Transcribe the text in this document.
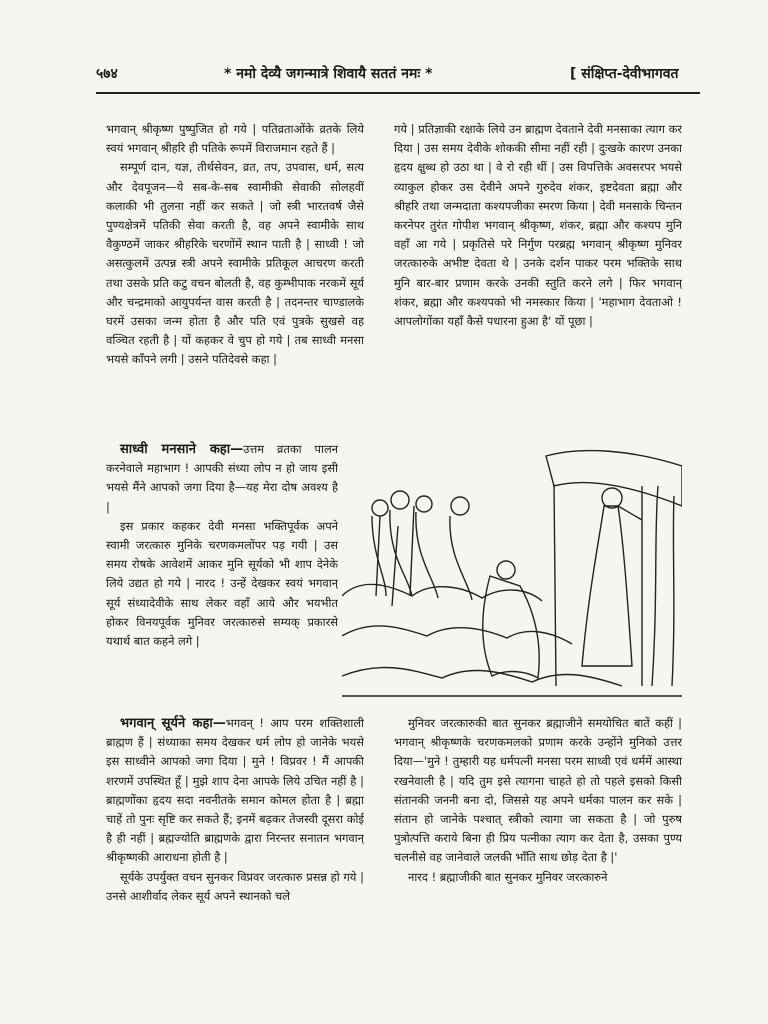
५७४	* नमो देव्यै जगन्मात्रे शिवायै सततं नमः *	[ संक्षिप्त-देवीभागवत

भगवान्‌ श्रीकृष्ण पुष्पुजित हो गये | पतिव्रताओंके व्रतके लिये स्वयं भगवान्‌ श्रीहरि ही पतिके रूपमें विराजमान रहते हैं |

सम्पूर्ण दान, यज्ञ, तीर्थसेवन, व्रत, तप, उपवास, धर्म, सत्य और देवपूजन—ये सब-के-सब स्वामीकी सेवाकी सोलहवीं कलाकी भी तुलना नहीं कर सकते | जो स्त्री भारतवर्ष जैसे पुण्यक्षेत्रमें पतिकी सेवा करती है, वह अपने स्वामीके साथ वैकुण्ठमें जाकर श्रीहरिके चरणोंमें स्थान पाती है | साध्वी ! जो असत्कुलमें उत्पन्न स्त्री अपने स्वामीके प्रतिकूल आचरण करती तथा उसके प्रति कटु वचन बोलती है, वह कुम्भीपाक नरकमें सूर्य और चन्द्रमाको आयुपर्यन्त वास करती है | तदनन्तर चाण्डालके घरमें उसका जन्म होता है और पति एवं पुत्रके सुखसे वह वञ्चित रहती है | यों कहकर वे चुप हो गये | तब साध्वी मनसा भयसे काँपने लगी | उसने पतिदेवसे कहा |

गये | प्रतिज्ञाकी रक्षाके लिये उन ब्राह्मण देवताने देवी मनसाका त्याग कर दिया | उस समय देवीके शोककी सीमा नहीं रही | दुःखके कारण उनका हृदय क्षुब्ध हो उठा था | वे रो रही थीं | उस विपत्तिके अवसरपर भयसे व्याकुल होकर उस देवीने अपने गुरुदेव शंकर, इष्टदेवता ब्रह्मा और श्रीहरि तथा जन्मदाता कश्यपजीका स्मरण किया | देवी मनसाके चिन्तन करनेपर तुरंत गोपीश भगवान्‌ श्रीकृष्ण, शंकर, ब्रह्मा और कश्यप मुनि वहाँ आ गये | प्रकृतिसे परे निर्गुण परब्रह्म भगवान्‌ श्रीकृष्ण मुनिवर जरत्कारुके अभीष्ट देवता थे | उनके दर्शन पाकर परम भक्तिके साथ मुनि बार-बार प्रणाम करके उनकी स्तुति करने लगे | फिर भगवान्‌ शंकर, ब्रह्मा और कश्यपको भी नमस्कार किया | 'महाभाग देवताओ ! आपलोगोंका यहाँ कैसे पधारना हुआ है' यों पूछा |

साध्वी मनसाने कहा—उत्तम व्रतका पालन करनेवाले महाभाग ! आपकी संध्या लोप न हो जाय इसी भयसे मैंने आपको जगा दिया है—यह मेरा दोष अवश्य है |

इस प्रकार कहकर देवी मनसा भक्तिपूर्वक अपने स्वामी जरत्कारु मुनिके चरणकमलोंपर पड़ गयी | उस समय रोषके आवेशमें आकर मुनि सूर्यको भी शाप देनेके लिये उद्यत हो गये | नारद ! उन्हें देखकर स्वयं भगवान्‌ सूर्य संध्यादेवीके साथ लेकर वहाँ आये और भयभीत होकर विनयपूर्वक मुनिवर जरत्कारुसे सम्यक्‌ प्रकारसे यथार्थ बात कहने लगे |

भगवान्‌ सूर्यने कहा—भगवन्‌ ! आप परम शक्तिशाली ब्राह्मण हैं | संध्याका समय देखकर धर्म लोप हो जानेके भयसे इस साध्वीने आपको जगा दिया | मुने ! विप्रवर ! मैं आपकी शरणमें उपस्थित हूँ | मुझे शाप देना आपके लिये उचित नहीं है | ब्राह्मणोंका हृदय सदा नवनीतके समान कोमल होता है | ब्रह्मा चाहें तो पुनः सृष्टि कर सकते हैं; इनमें बढ़कर तेजस्वी दूसरा कोई है ही नहीं | ब्रह्मज्योति ब्राह्मणके द्वारा निरन्तर सनातन भगवान्‌ श्रीकृष्णकी आराधना होती है |

सूर्यके उपर्युक्त वचन सुनकर विप्रवर जरत्कारु प्रसन्न हो गये | उनसे आशीर्वाद लेकर सूर्य अपने स्थानको चले

मुनिवर जरत्कारुकी बात सुनकर ब्रह्माजीने समयोचित बातें कहीं | भगवान्‌ श्रीकृष्णके चरणकमलको प्रणाम करके उन्होंने मुनिको उत्तर दिया—'मुने ! तुम्हारी यह धर्मपत्नी मनसा परम साध्वी एवं धर्ममें आस्था रखनेवाली है | यदि तुम इसे त्यागना चाहते हो तो पहले इसको किसी संतानकी जननी बना दो, जिससे यह अपने धर्मका पालन कर सके | संतान हो जानेके पश्चात्‌ स्त्रीको त्यागा जा सकता है | जो पुरुष पुत्रोत्पत्ति कराये बिना ही प्रिय पत्नीका त्याग कर देता है, उसका पुण्य चलनीसे वह जानेवाले जलकी भाँति साथ छोड़ देता है |'

नारद ! ब्रह्माजीकी बात सुनकर मुनिवर जरत्कारुने
